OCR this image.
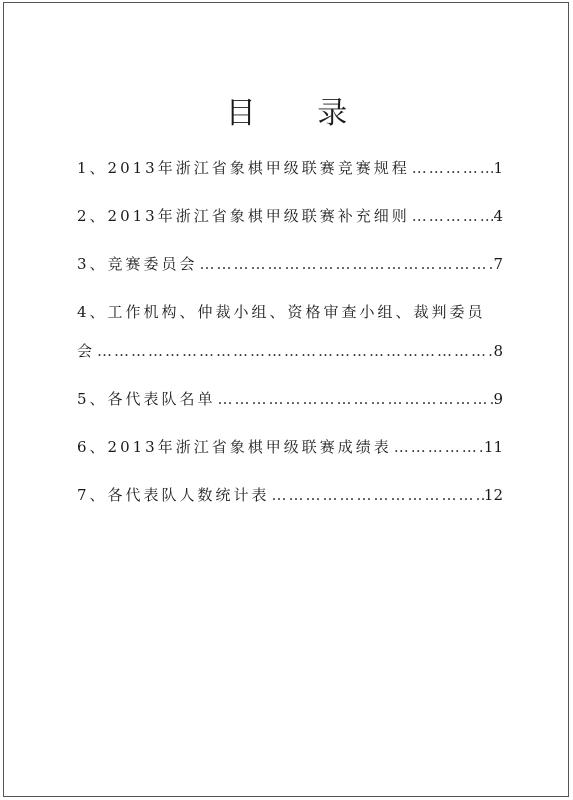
目 录
1、2013年浙江省象棋甲级联赛竞赛规程 ……………………………………………………………………………………………	1
2、2013年浙江省象棋甲级联赛补充细则 ……………………………………………………………………………………………	4
3、竞赛委员会 ……………………………………………………………………………………………	7
4、工作机构、仲裁小组、资格审查小组、裁判委员
会 ……………………………………………………………………………………………	8
5、各代表队名单 ……………………………………………………………………………………………	9
6、2013年浙江省象棋甲级联赛成绩表 ……………………………………………………………………………………………	11
7、各代表队人数统计表 ……………………………………………………………………………………………	12
